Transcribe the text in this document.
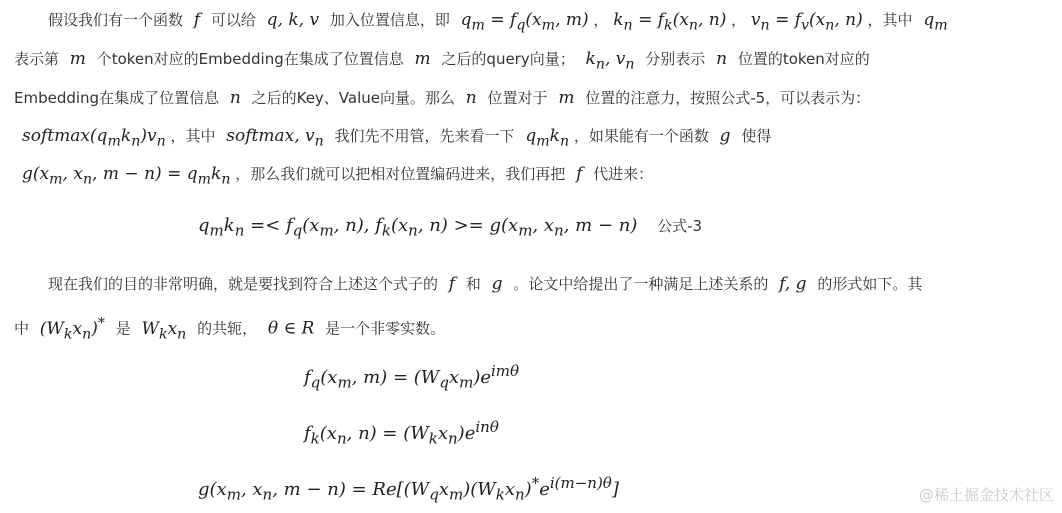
假设我们有一个函数 f 可以给 q, k, v 加入位置信息，即 $q_m = f_q(x_m$, m) ， $k_n = f_k(x_n$, n) ， $v_n = f_v(x_n$, n) ，其中 $q_m$
表示第 m 个token对应的Embedding在集成了位置信息 m 之后的query向量； $k_n$, $v_n$ 分别表示 n 位置的token对应的
Embedding在集成了位置信息 n 之后的Key、Value向量。那么 n 位置对于 m 位置的注意力，按照公式-5，可以表示为：
$softmax(q_mk_n)v_n$ ，其中 softmax, $v_n$ 我们先不用管，先来看一下 $q_mk_n$ ，如果能有一个函数 g 使得
$g(x_m$, $x_n$, $m - n) = q_mk_n$ ，那么我们就可以把相对位置编码进来，我们再把 f 代进来：
$q_mk_n =< f_q(x_m$, n), $f_k(x_n$, $n) >= g(x_m$, $x_n$, m − n) 公式-3
现在我们的目的非常明确，就是要找到符合上述这个式子的 f 和 g 。论文中给提出了一种满足上述关系的 f, g 的形式如下。其
中 $(W_kx_n)^*$ 是 $W_kx_n$ 的共轭， θ ∈ R 是一个非零实数。
$f_q(x_m$, $m) = (W_qx_m)e^{im\theta}$
$f_k(x_n$, $n) = (W_kx_n)e^{in\theta}$
$g(x_m$, $x_n$, $m - n) = Re[(W_qx_m)(W_kx_n)^*e^{i(m-n)\theta}]$	@稀土掘金技术社区
